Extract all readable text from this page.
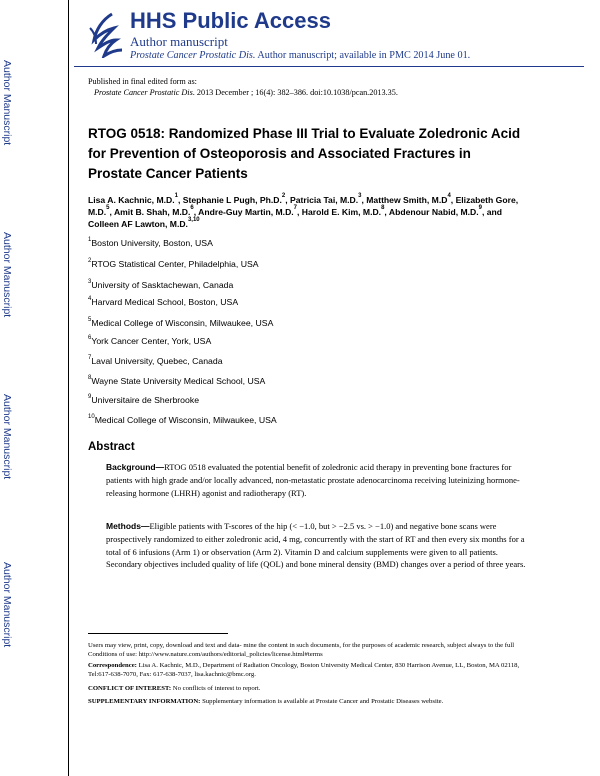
Author Manuscript
Author Manuscript
Author Manuscript
Author Manuscript
HHS Public Access
Author manuscript
Prostate Cancer Prostatic Dis. Author manuscript; available in PMC 2014 June 01.
Published in final edited form as:
Prostate Cancer Prostatic Dis. 2013 December ; 16(4): 382–386. doi:10.1038/pcan.2013.35.
RTOG 0518: Randomized Phase III Trial to Evaluate Zoledronic Acid for Prevention of Osteoporosis and Associated Fractures in Prostate Cancer Patients
Lisa A. Kachnic, M.D.$^1$, Stephanie L Pugh, Ph.D.$^2$, Patricia Tai, M.D.$^3$, Matthew Smith, $M.D^4$, Elizabeth Gore, M.D.$^5$, Amit B. Shah, M.D.$^6$, Andre-Guy Martin, M.D.$^7$, Harold E. Kim, M.D.$^8$, Abdenour Nabid, M.D.$^9$, and Colleen AF Lawton, M.D.$^{3,10}$
$^1$Boston University, Boston, USA
$^2$RTOG Statistical Center, Philadelphia, USA
$^3$University of Sasktachewan, Canada
$^4$Harvard Medical School, Boston, USA
$^5$Medical College of Wisconsin, Milwaukee, USA
$^6$York Cancer Center, York, USA
$^7$Laval University, Quebec, Canada
$^8$Wayne State University Medical School, USA
$^9$Universitaire de Sherbrooke
$^{10}$Medical College of Wisconsin, Milwaukee, USA
Abstract
Background—RTOG 0518 evaluated the potential benefit of zoledronic acid therapy in preventing bone fractures for patients with high grade and/or locally advanced, non-metastatic prostate adenocarcinoma receiving luteinizing hormone-releasing hormone (LHRH) agonist and radiotherapy (RT).
Methods—Eligible patients with T-scores of the hip (< −1.0, but > −2.5 vs. > −1.0) and negative bone scans were prospectively randomized to either zoledronic acid, 4 mg, concurrently with the start of RT and then every six months for a total of 6 infusions (Arm 1) or observation (Arm 2). Vitamin D and calcium supplements were given to all patients. Secondary objectives included quality of life (QOL) and bone mineral density (BMD) changes over a period of three years.
Users may view, print, copy, download and text and data- mine the content in such documents, for the purposes of academic research, subject always to the full Conditions of use: http://www.nature.com/authors/editorial_policies/license.html#terms
Correspondence: Lisa A. Kachnic, M.D., Department of Radiation Oncology, Boston University Medical Center, 830 Harrison Avenue, LL, Boston, MA 02118, Tel:617-638-7070, Fax: 617-638-7037, lisa.kachnic@bmc.org.
CONFLICT OF INTEREST: No conflicts of interest to report.
SUPPLEMENTARY INFORMATION: Supplementary information is available at Prostate Cancer and Prostatic Diseases website.
